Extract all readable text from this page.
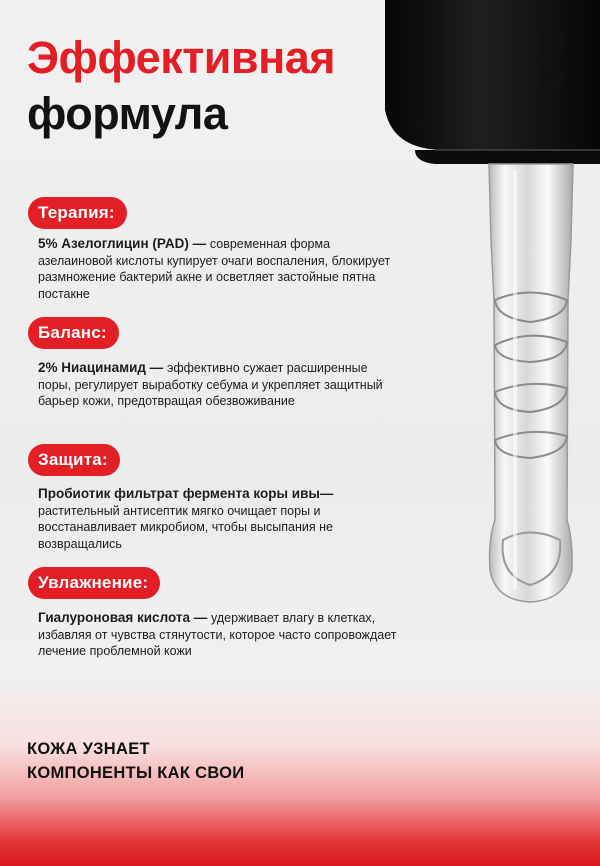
Эффективная
формула
Терапия:
5% Азелоглицин (PAD) — современная форма азелаиновой кислоты купирует очаги воспаления, блокирует размножение бактерий акне и осветляет застойные пятна постакне
Баланс:
2% Ниацинамид — эффективно сужает расширенные поры, регулирует выработку себума и укрепляет защитный барьер кожи, предотвращая обезвоживание
Защита:
Пробиотик фильтрат фермента коры ивы—растительный антисептик мягко очищает поры и восстанавливает микробиом, чтобы высыпания не возвращались
Увлажнение:
Гиалуроновая кислота — удерживает влагу в клетках, избавляя от чувства стянутости, которое часто сопровождает лечение проблемной кожи
КОЖА УЗНАЕТ
КОМПОНЕНТЫ КАК СВОИ
